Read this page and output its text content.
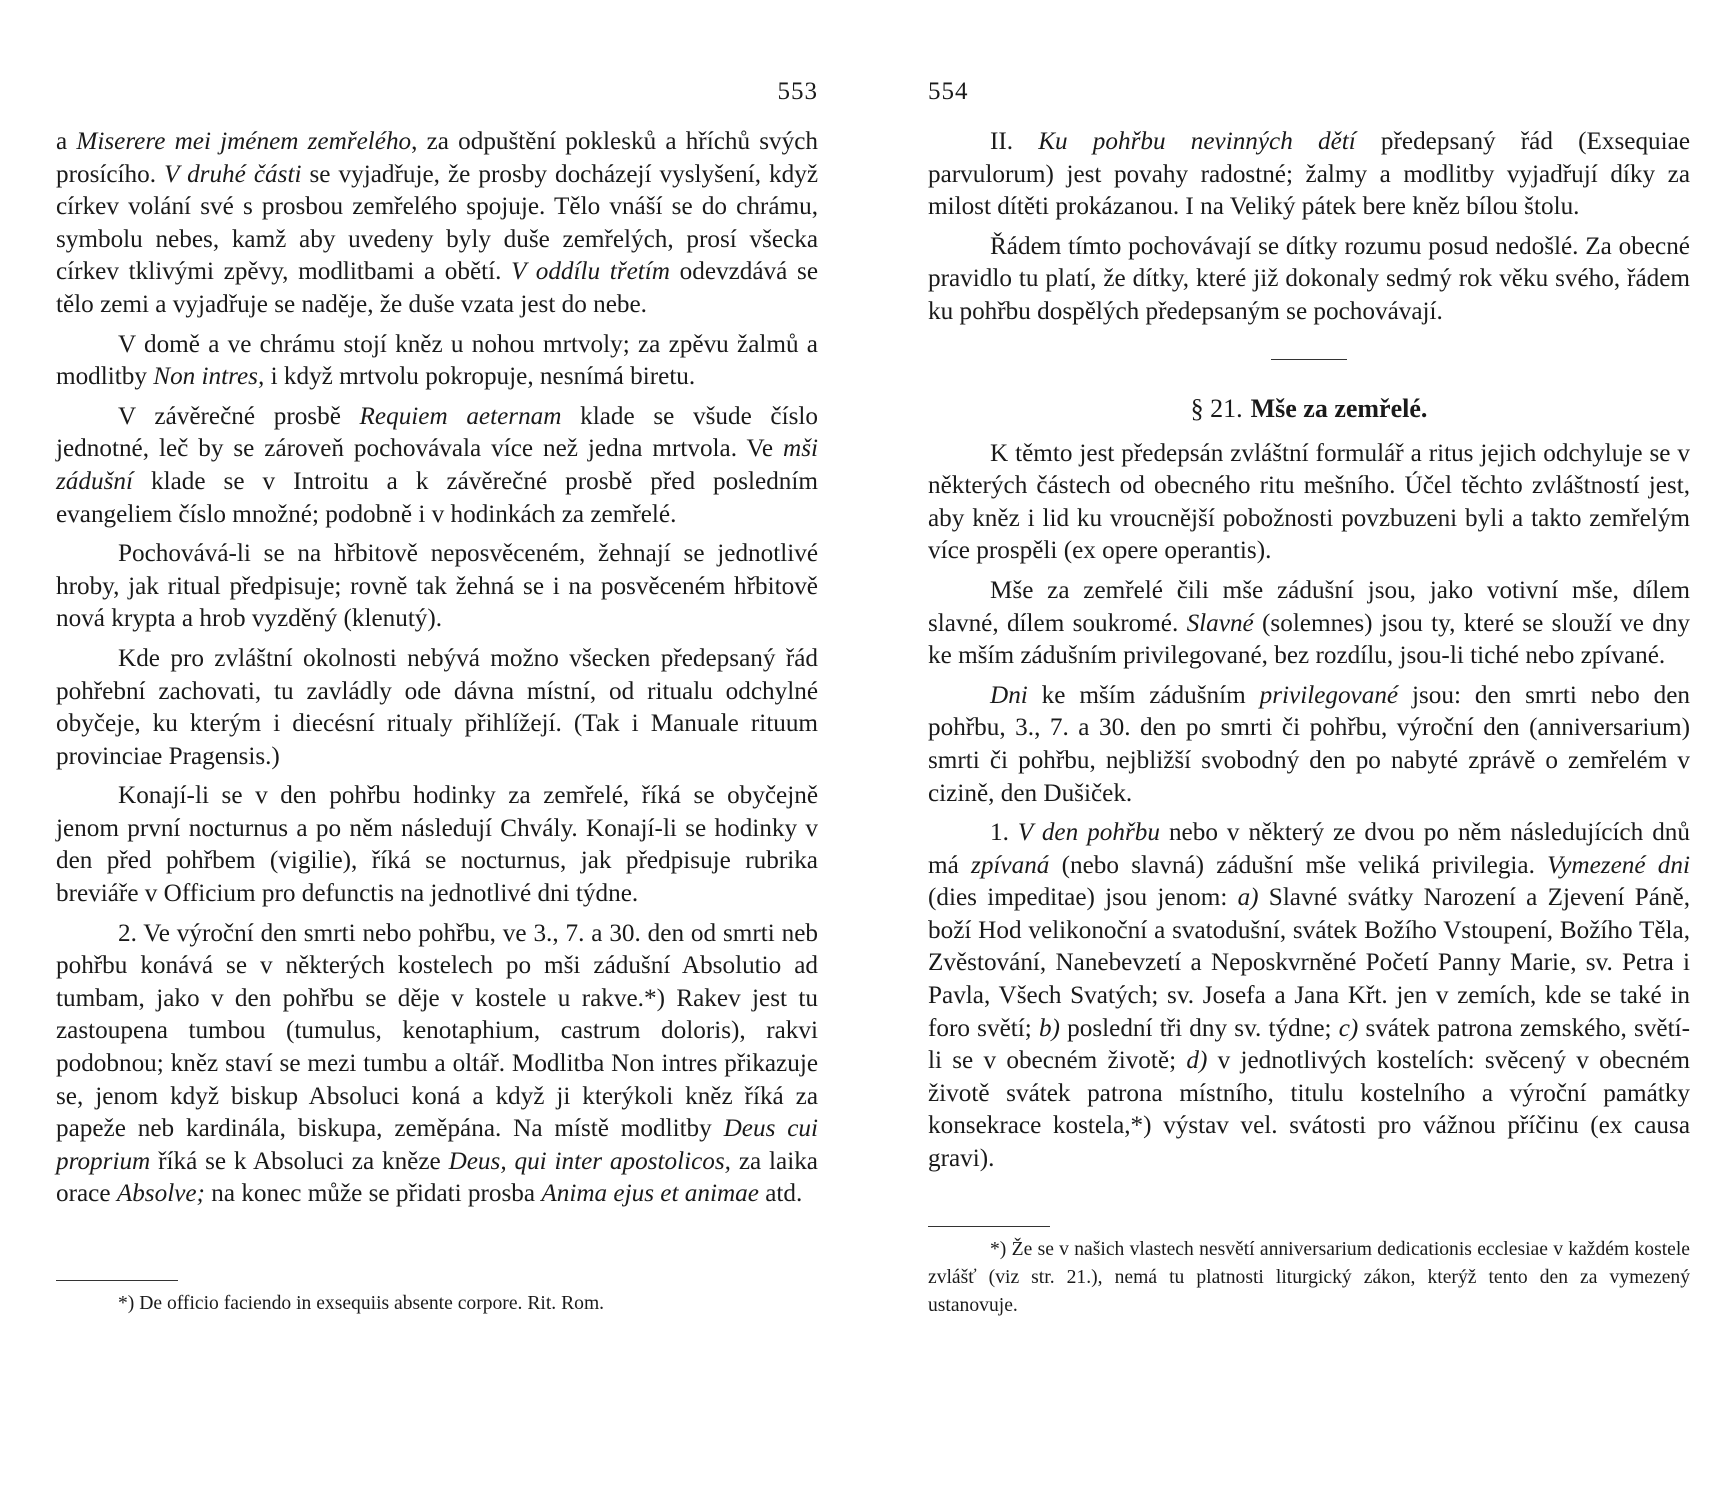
553

a Miserere mei jménem zemřelého, za odpuštění poklesků a hříchů svých prosícího. V druhé části se vyjadřuje, že prosby docházejí vyslyšení, když církev volání své s prosbou zemřelého spojuje. Tělo vnáší se do chrámu, symbolu nebes, kamž aby uvedeny byly duše zemřelých, prosí všecka církev tklivými zpěvy, modlitbami a obětí. V oddílu třetím odevzdává se tělo zemi a vyjadřuje se naděje, že duše vzata jest do nebe.

V domě a ve chrámu stojí kněz u nohou mrtvoly; za zpěvu žalmů a modlitby Non intres, i když mrtvolu pokropuje, nesnímá biretu.

V závěrečné prosbě Requiem aeternam klade se všude číslo jednotné, leč by se zároveň pochovávala více než jedna mrtvola. Ve mši zádušní klade se v Introitu a k závěrečné prosbě před posledním evangeliem číslo množné; podobně i v hodinkách za zemřelé.

Pochovává-li se na hřbitově neposvěceném, žehnají se jednotlivé hroby, jak ritual předpisuje; rovně tak žehná se i na posvěceném hřbitově nová krypta a hrob vyzděný (klenutý).

Kde pro zvláštní okolnosti nebývá možno všecken předepsaný řád pohřební zachovati, tu zavládly ode dávna místní, od ritualu odchylné obyčeje, ku kterým i diecésní ritualy přihlížejí. (Tak i Manuale rituum provinciae Pragensis.)

Konají-li se v den pohřbu hodinky za zemřelé, říká se obyčejně jenom první nocturnus a po něm následují Chvály. Konají-li se hodinky v den před pohřbem (vigilie), říká se nocturnus, jak předpisuje rubrika breviáře v Officium pro defunctis na jednotlivé dni týdne.

2. Ve výroční den smrti nebo pohřbu, ve 3., 7. a 30. den od smrti neb pohřbu konává se v některých kostelech po mši zádušní Absolutio ad tumbam, jako v den pohřbu se děje v kostele u rakve.*) Rakev jest tu zastoupena tumbou (tumulus, kenotaphium, castrum doloris), rakvi podobnou; kněz staví se mezi tumbu a oltář. Modlitba Non intres přikazuje se, jenom když biskup Absoluci koná a když ji kterýkoli kněz říká za papeže neb kardinála, biskupa, zeměpána. Na místě modlitby Deus cui proprium říká se k Absoluci za kněze Deus, qui inter apostolicos, za laika orace Absolve; na konec může se přidati prosba Anima ejus et animae atd.

*) De officio faciendo in exsequiis absente corpore. Rit. Rom.

554

II. Ku pohřbu nevinných dětí předepsaný řád (Exsequiae parvulorum) jest povahy radostné; žalmy a modlitby vyjadřují díky za milost dítěti prokázanou. I na Veliký pátek bere kněz bílou štolu.

Řádem tímto pochovávají se dítky rozumu posud nedošlé. Za obecné pravidlo tu platí, že dítky, které již dokonaly sedmý rok věku svého, řádem ku pohřbu dospělých předepsaným se pochovávají.

§ 21. Mše za zemřelé.

K těmto jest předepsán zvláštní formulář a ritus jejich odchyluje se v některých částech od obecného ritu mešního. Účel těchto zvláštností jest, aby kněz i lid ku vroucnější pobožnosti povzbuzeni byli a takto zemřelým více prospěli (ex opere operantis).

Mše za zemřelé čili mše zádušní jsou, jako votivní mše, dílem slavné, dílem soukromé. Slavné (solemnes) jsou ty, které se slouží ve dny ke mším zádušním privilegované, bez rozdílu, jsou-li tiché nebo zpívané.

Dni ke mším zádušním privilegované jsou: den smrti nebo den pohřbu, 3., 7. a 30. den po smrti či pohřbu, výroční den (anniversarium) smrti či pohřbu, nejbližší svobodný den po nabyté zprávě o zemřelém v cizině, den Dušiček.

1. V den pohřbu nebo v některý ze dvou po něm následujících dnů má zpívaná (nebo slavná) zádušní mše veliká privilegia. Vymezené dni (dies impeditae) jsou jenom: a) Slavné svátky Narození a Zjevení Páně, boží Hod velikonoční a svatodušní, svátek Božího Vstoupení, Božího Těla, Zvěstování, Nanebevzetí a Neposkvrněné Početí Panny Marie, sv. Petra i Pavla, Všech Svatých; sv. Josefa a Jana Křt. jen v zemích, kde se také in foro světí; b) poslední tři dny sv. týdne; c) svátek patrona zemského, světí-li se v obecném životě; d) v jednotlivých kostelích: svěcený v obecném životě svátek patrona místního, titulu kostelního a výroční památky konsekrace kostela,*) výstav vel. svátosti pro vážnou příčinu (ex causa gravi).

*) Že se v našich vlastech nesvětí anniversarium dedicationis ecclesiae v každém kostele zvlášť (viz str. 21.), nemá tu platnosti liturgický zákon, kterýž tento den za vymezený ustanovuje.
